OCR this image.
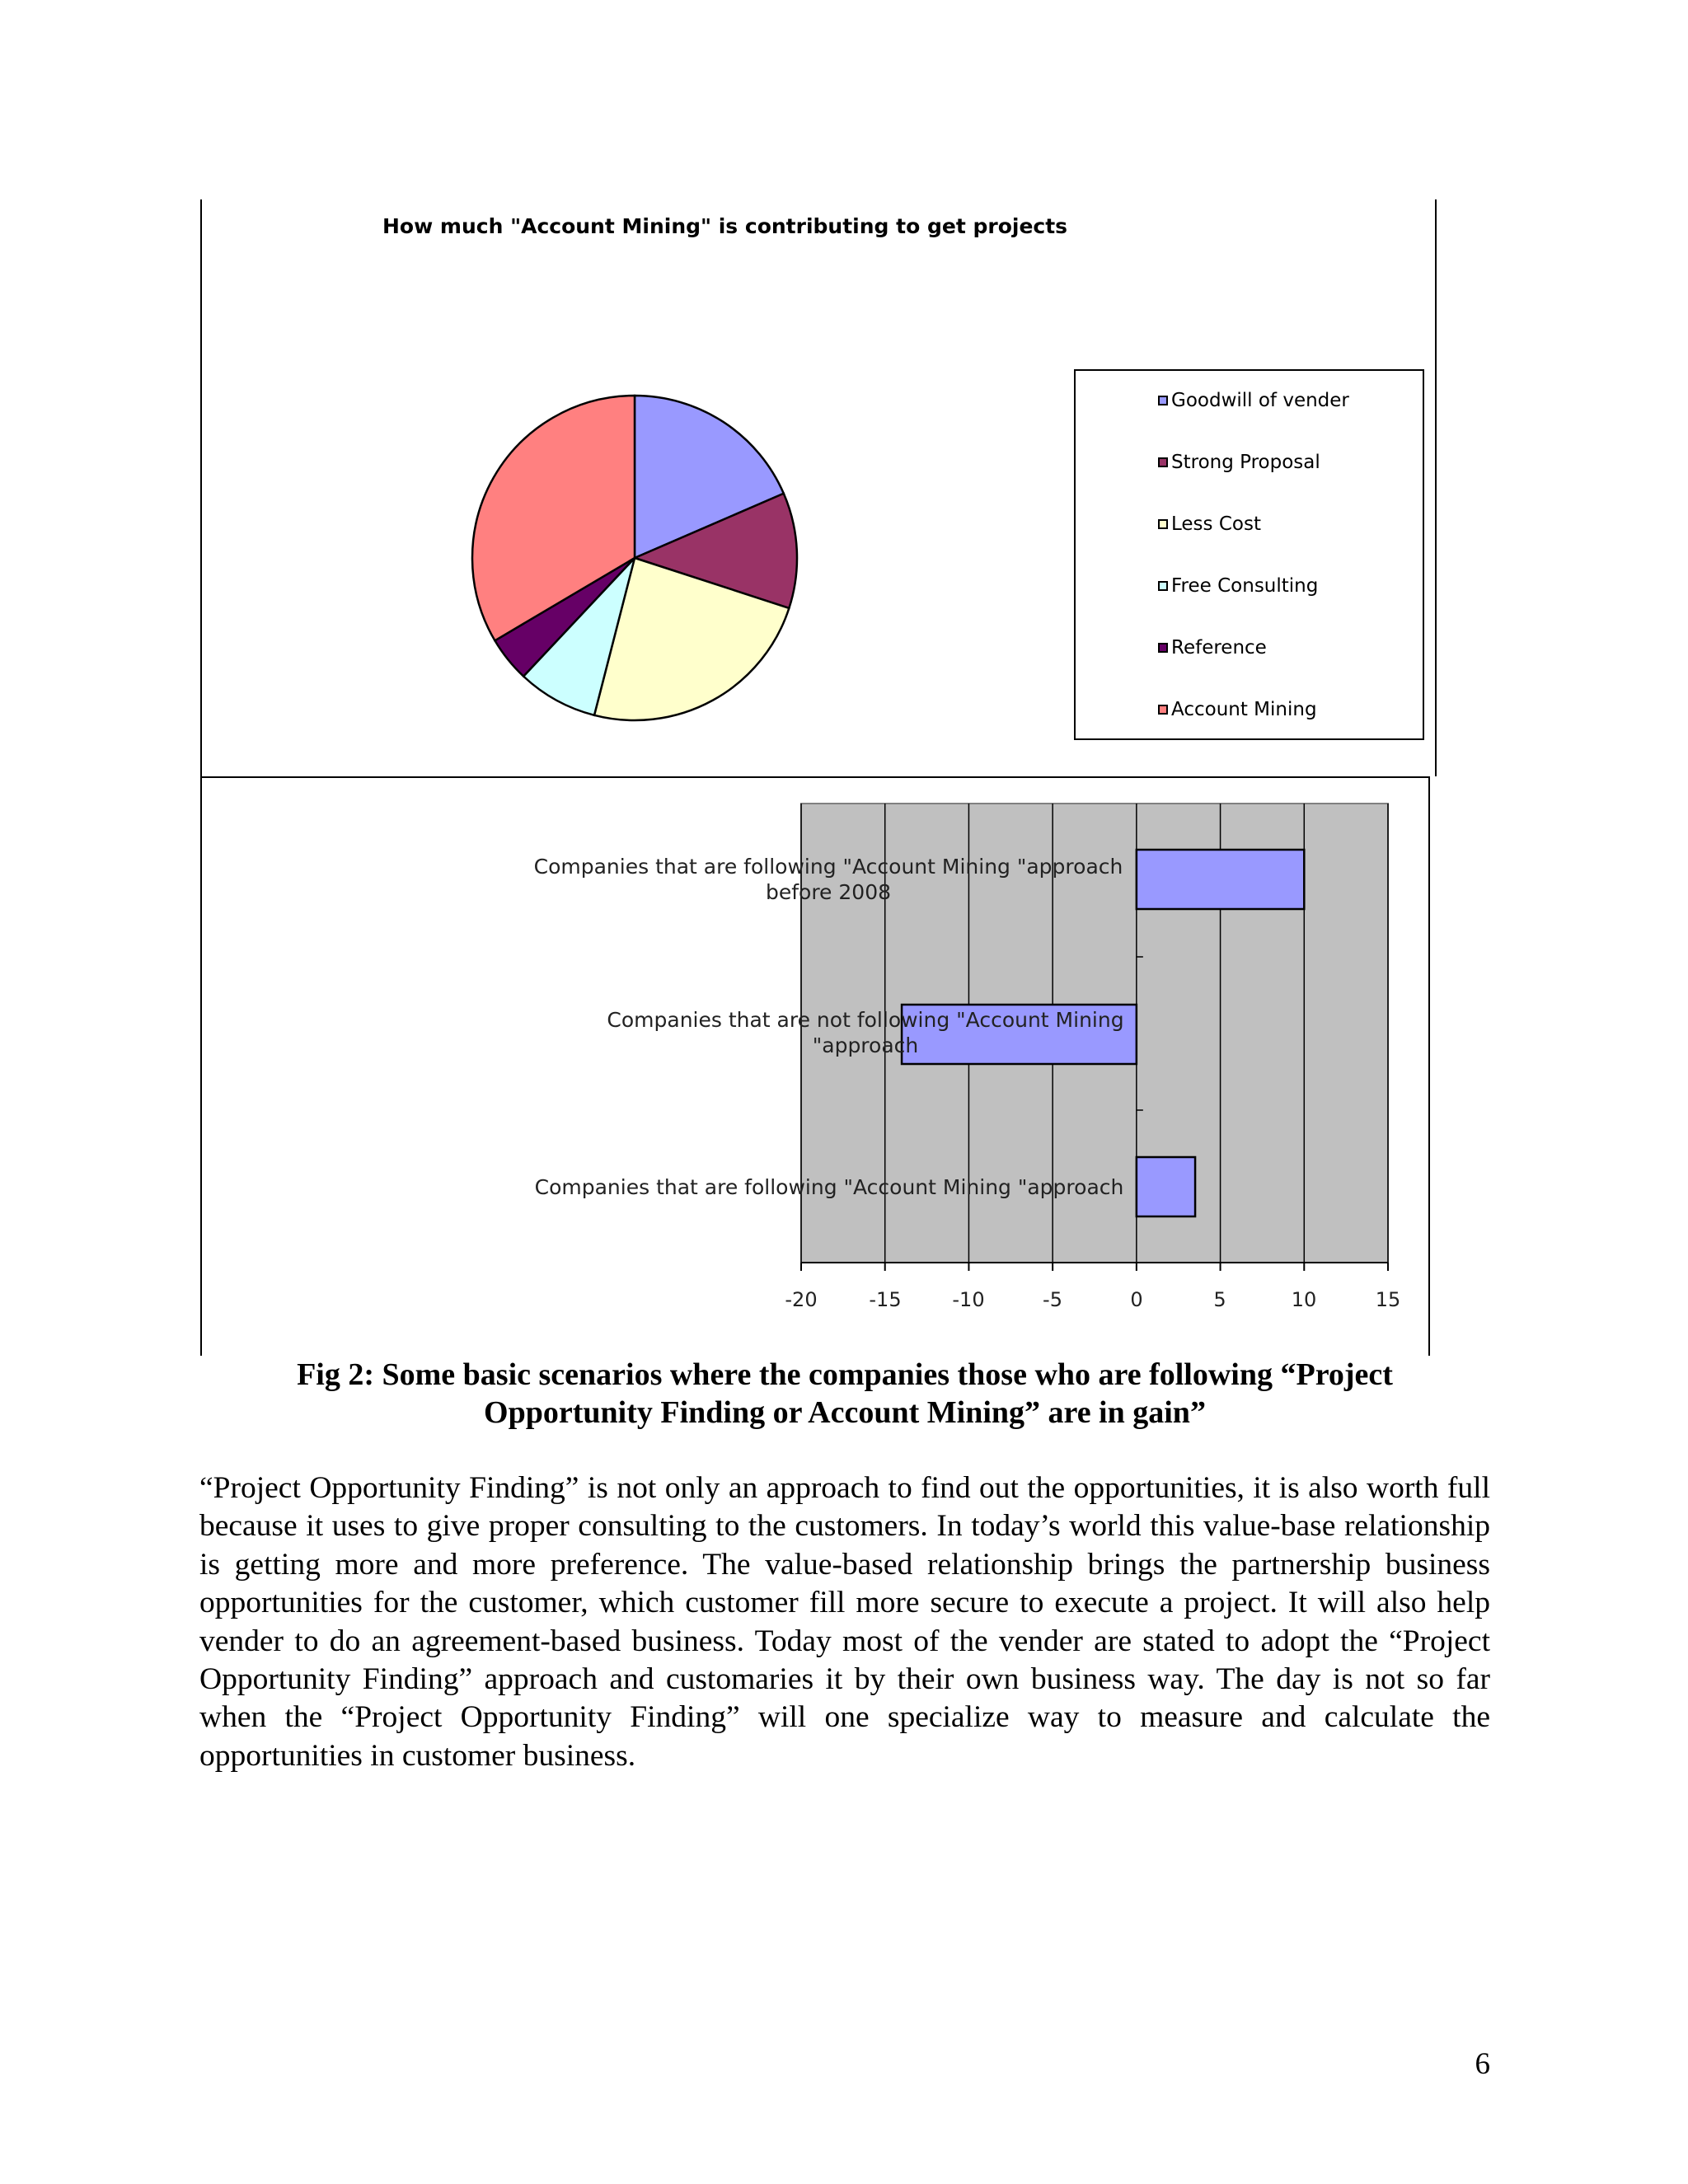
How much "Account Mining" is contributing to get projects
Goodwill of vender
Strong Proposal
Less Cost
Free Consulting
Reference
Account Mining
Companies that are following "Account Mining "approach
before 2008
Companies that are not following "Account Mining
"approach
Companies that are following "Account Mining "approach
-20	-15	-10	-5	0	5	10	15
Fig 2: Some basic scenarios where the companies those who are following “Project
Opportunity Finding or Account Mining” are in gain”
“Project Opportunity Finding” is not only an approach to find out the opportunities, it is also worth full because it uses to give proper consulting to the customers. In today’s world this value-base relationship is getting more and more preference. The value-based relationship brings the partnership business opportunities for the customer, which customer fill more secure to execute a project. It will also help vender to do an agreement-based business. Today most of the vender are stated to adopt the “Project Opportunity Finding” approach and customaries it by their own business way. The day is not so far when the “Project Opportunity Finding” will one specialize way to measure and calculate the opportunities in customer business.
6
